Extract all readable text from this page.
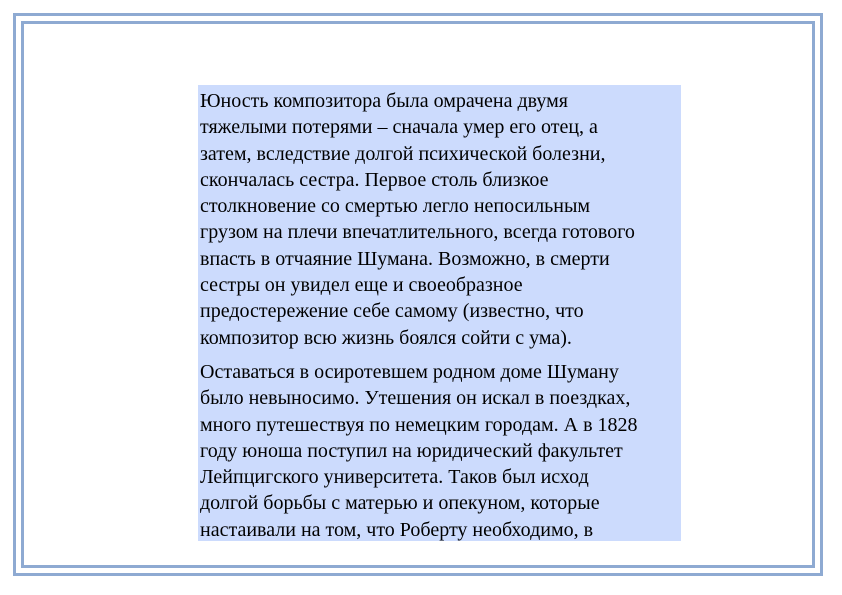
Юность композитора была омрачена двумя
тяжелыми потерями – сначала умер его отец, а
затем, вследствие долгой психической болезни,
скончалась сестра. Первое столь близкое
столкновение со смертью легло непосильным
грузом на плечи впечатлительного, всегда готового
впасть в отчаяние Шумана. Возможно, в смерти
сестры он увидел еще и своеобразное
предостережение себе самому (известно, что
композитор всю жизнь боялся сойти с ума).

Оставаться в осиротевшем родном доме Шуману
было невыносимо. Утешения он искал в поездках,
много путешествуя по немецким городам. А в 1828
году юноша поступил на юридический факультет
Лейпцигского университета. Таков был исход
долгой борьбы с матерью и опекуном, которые
настаивали на том, что Роберту необходимо, в
